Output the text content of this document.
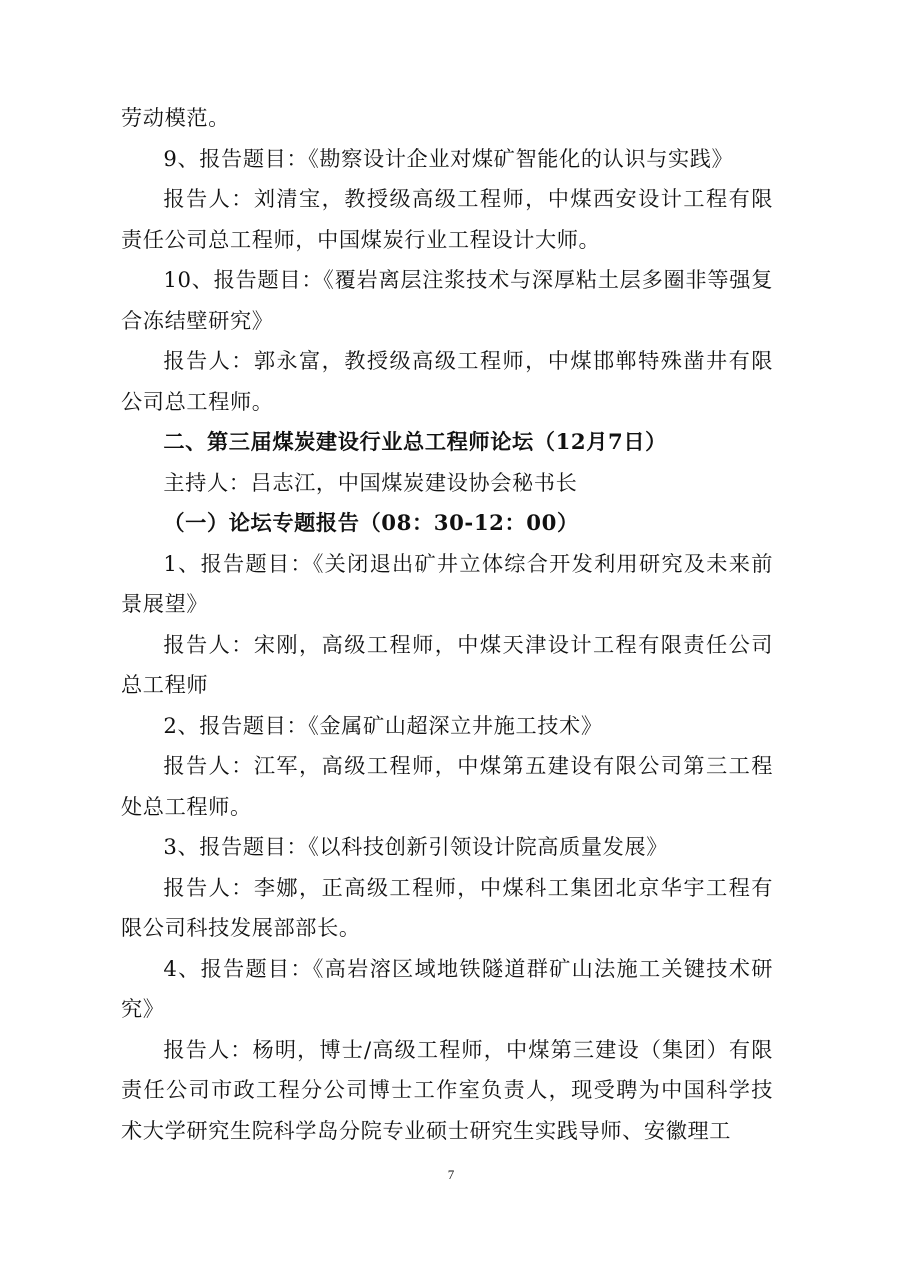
劳动模范。

9、报告题目：《勘察设计企业对煤矿智能化的认识与实践》

报告人：刘清宝，教授级高级工程师，中煤西安设计工程有限责任公司总工程师，中国煤炭行业工程设计大师。

10、报告题目：《覆岩离层注浆技术与深厚粘土层多圈非等强复合冻结壁研究》

报告人：郭永富，教授级高级工程师，中煤邯郸特殊凿井有限公司总工程师。

二、第三届煤炭建设行业总工程师论坛（12月7日）

主持人：吕志江，中国煤炭建设协会秘书长

（一）论坛专题报告（08：30-12：00）

1、报告题目：《关闭退出矿井立体综合开发利用研究及未来前景展望》

报告人：宋刚，高级工程师，中煤天津设计工程有限责任公司总工程师

2、报告题目：《金属矿山超深立井施工技术》

报告人：江军，高级工程师，中煤第五建设有限公司第三工程处总工程师。

3、报告题目：《以科技创新引领设计院高质量发展》

报告人：李娜，正高级工程师，中煤科工集团北京华宇工程有限公司科技发展部部长。

4、报告题目：《高岩溶区域地铁隧道群矿山法施工关键技术研究》

报告人：杨明，博士/高级工程师，中煤第三建设（集团）有限责任公司市政工程分公司博士工作室负责人，现受聘为中国科学技术大学研究生院科学岛分院专业硕士研究生实践导师、安徽理工

7
